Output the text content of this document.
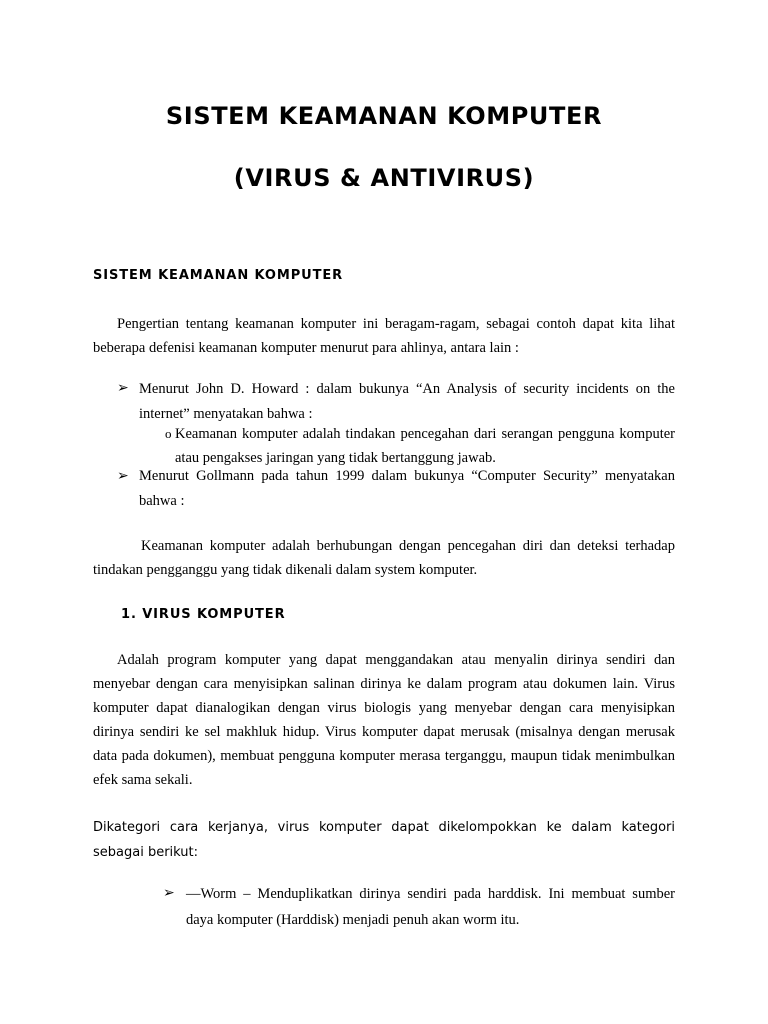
SISTEM KEAMANAN KOMPUTER
(VIRUS & ANTIVIRUS)
SISTEM KEAMANAN KOMPUTER

Pengertian tentang keamanan komputer ini beragam-ragam, sebagai contoh dapat kita lihat beberapa defenisi keamanan komputer menurut para ahlinya, antara lain :

➢ Menurut John D. Howard : dalam bukunya “An Analysis of security incidents on the internet” menyatakan bahwa :

o Keamanan komputer adalah tindakan pencegahan dari serangan pengguna komputer atau pengakses jaringan yang tidak bertanggung jawab.

➢ Menurut Gollmann pada tahun 1999 dalam bukunya “Computer Security” menyatakan bahwa :

Keamanan komputer adalah berhubungan dengan pencegahan diri dan deteksi terhadap tindakan pengganggu yang tidak dikenali dalam system komputer.

1. VIRUS KOMPUTER

Adalah program komputer yang dapat menggandakan atau menyalin dirinya sendiri dan menyebar dengan cara menyisipkan salinan dirinya ke dalam program atau dokumen lain. Virus komputer dapat dianalogikan dengan virus biologis yang menyebar dengan cara menyisipkan dirinya sendiri ke sel makhluk hidup. Virus komputer dapat merusak (misalnya dengan merusak data pada dokumen), membuat pengguna komputer merasa terganggu, maupun tidak menimbulkan efek sama sekali.

Dikategori cara kerjanya, virus komputer dapat dikelompokkan ke dalam kategori sebagai berikut:

➢ —Worm – Menduplikatkan dirinya sendiri pada harddisk. Ini membuat sumber daya komputer (Harddisk) menjadi penuh akan worm itu.
